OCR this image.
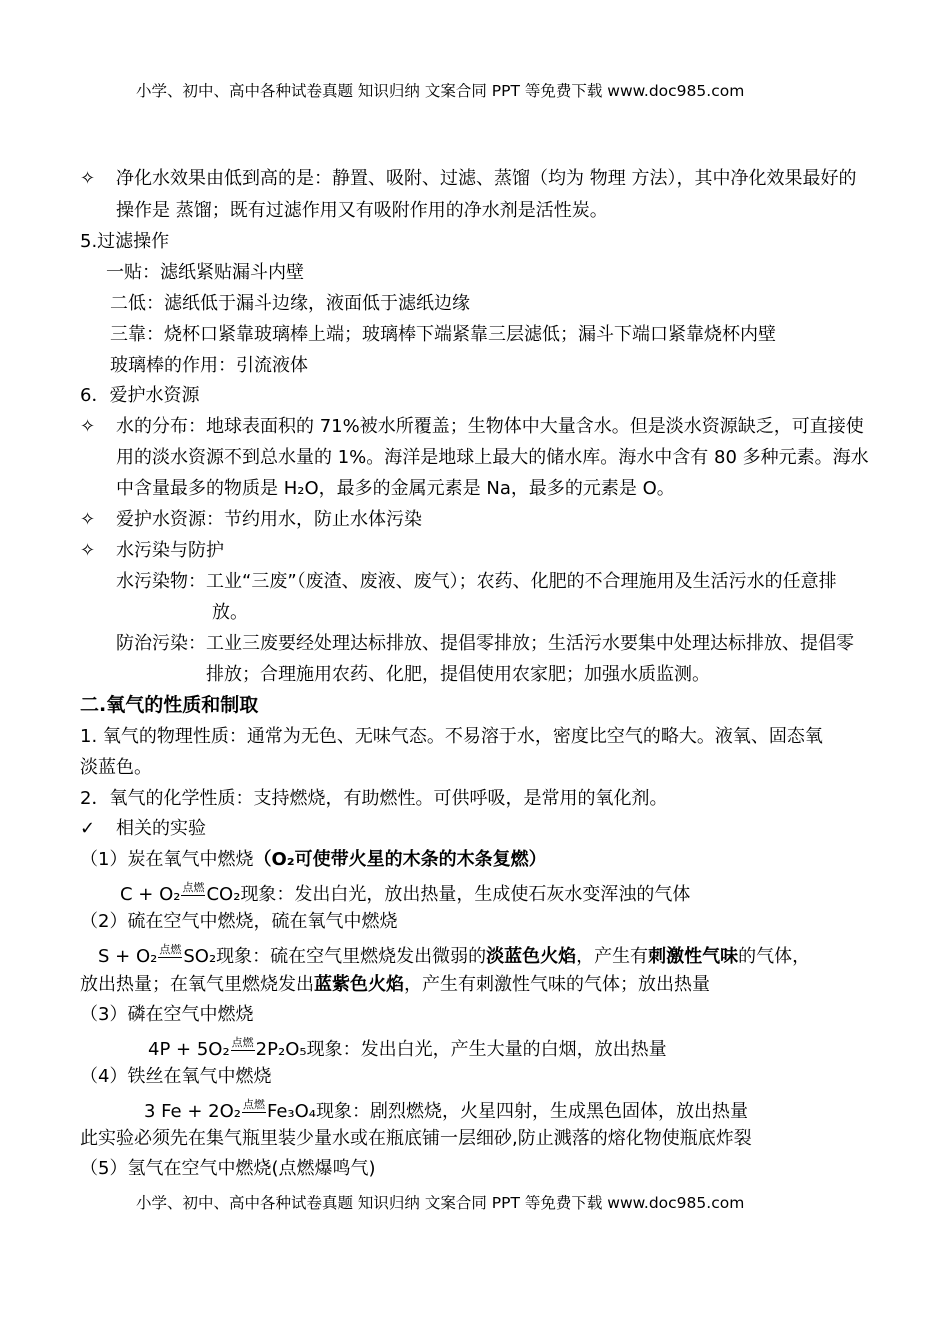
小学、初中、高中各种试卷真题 知识归纳 文案合同 PPT 等免费下载 www.doc985.com
✧ 净化水效果由低到高的是：静置、吸附、过滤、蒸馏（均为 物理 方法），其中净化效果最好的
操作是 蒸馏；既有过滤作用又有吸附作用的净水剂是活性炭。
5.过滤操作
一贴：滤纸紧贴漏斗内壁
二低：滤纸低于漏斗边缘，液面低于滤纸边缘
三靠：烧杯口紧靠玻璃棒上端；玻璃棒下端紧靠三层滤低；漏斗下端口紧靠烧杯内壁
玻璃棒的作用：引流液体
6．爱护水资源
✧ 水的分布：地球表面积的 71%被水所覆盖；生物体中大量含水。但是淡水资源缺乏，可直接使
用的淡水资源不到总水量的 1%。海洋是地球上最大的储水库。海水中含有 80 多种元素。海水
中含量最多的物质是 H₂O，最多的金属元素是 Na，最多的元素是 O。
✧ 爱护水资源：节约用水，防止水体污染
✧ 水污染与防护
水污染物：工业“三废”（废渣、废液、废气）；农药、化肥的不合理施用及生活污水的任意排
放。
防治污染：工业三废要经处理达标排放、提倡零排放；生活污水要集中处理达标排放、提倡零
排放；合理施用农药、化肥，提倡使用农家肥；加强水质监测。
二.氧气的性质和制取
1. 氧气的物理性质：通常为无色、无味气态。不易溶于水，密度比空气的略大。液氧、固态氧
淡蓝色。
2．氧气的化学性质：支持燃烧，有助燃性。可供呼吸，是常用的氧化剂。
✓ 相关的实验
（1）炭在氧气中燃烧（O₂可使带火星的木条的木条复燃）
C + O₂ 点燃 CO₂现象：发出白光，放出热量，生成使石灰水变浑浊的气体
（2）硫在空气中燃烧，硫在氧气中燃烧
S + O₂ 点燃 SO₂现象：硫在空气里燃烧发出微弱的淡蓝色火焰，产生有刺激性气味的气体，
放出热量；在氧气里燃烧发出蓝紫色火焰，产生有刺激性气味的气体；放出热量
（3）磷在空气中燃烧
4P + 5O₂ 点燃 2P₂O₅现象：发出白光，产生大量的白烟，放出热量
（4）铁丝在氧气中燃烧
3 Fe + 2O₂ 点燃 Fe₃O₄现象：剧烈燃烧，火星四射，生成黑色固体，放出热量
此实验必须先在集气瓶里装少量水或在瓶底铺一层细砂,防止溅落的熔化物使瓶底炸裂
（5）氢气在空气中燃烧(点燃爆鸣气)
小学、初中、高中各种试卷真题 知识归纳 文案合同 PPT 等免费下载 www.doc985.com
